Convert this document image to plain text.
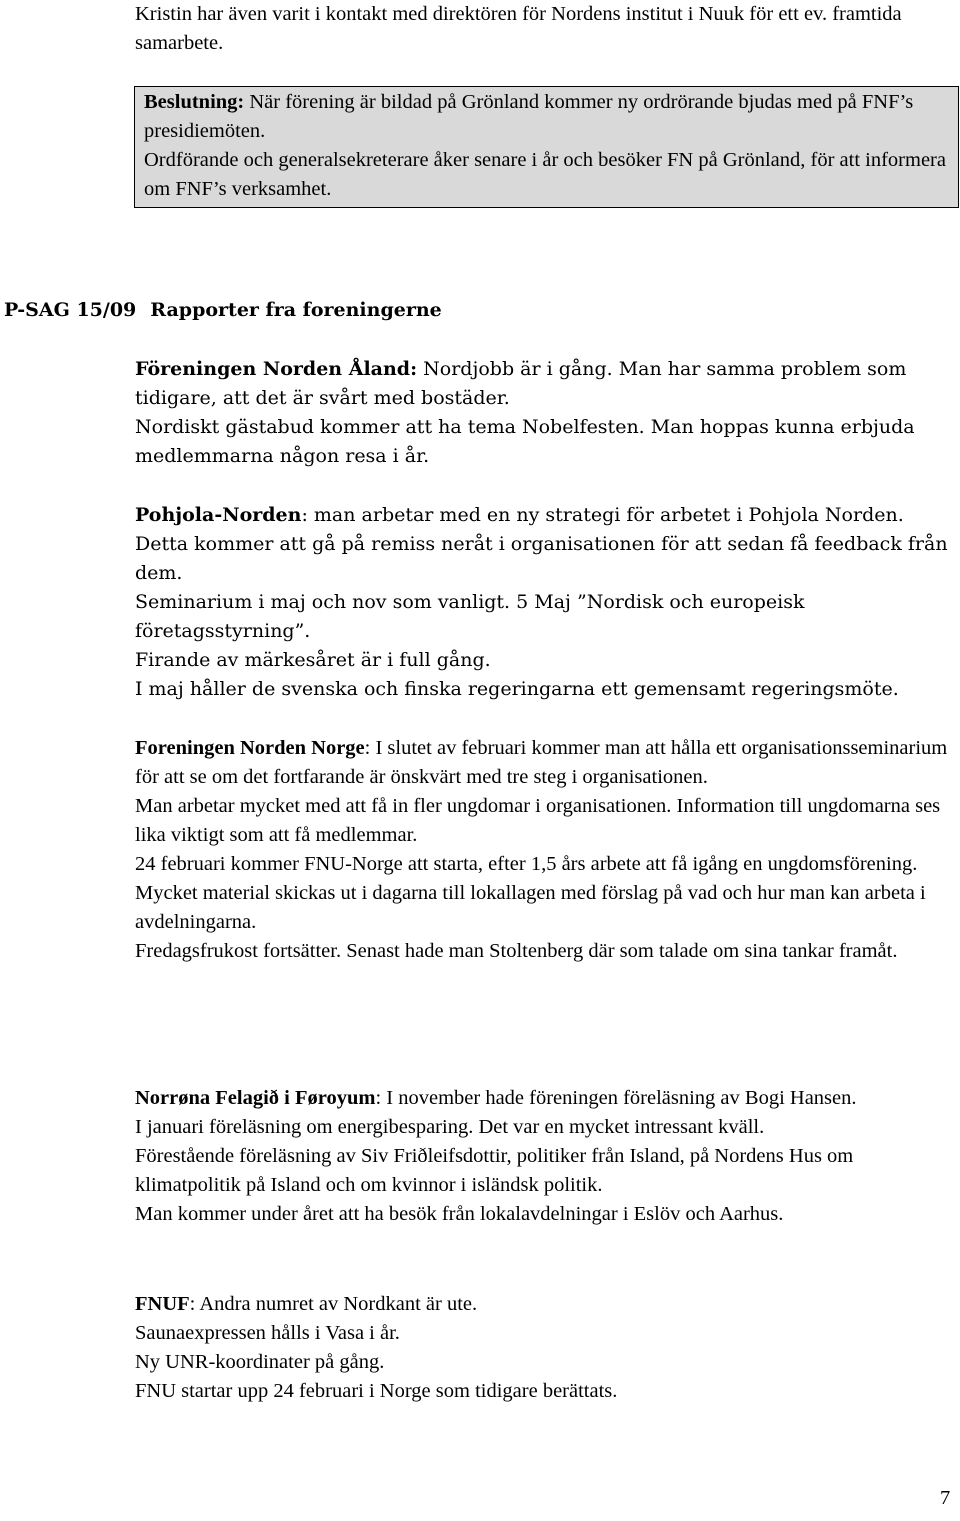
Kristin har även varit i kontakt med direktören för Nordens institut i Nuuk för ett ev. framtida samarbete.

Beslutning: När förening är bildad på Grönland kommer ny ordrörande bjudas med på FNF’s presidiemöten.

Ordförande och generalsekreterare åker senare i år och besöker FN på Grönland, för att informera om FNF’s verksamhet.

P-SAG 15/09 Rapporter fra foreningerne

Föreningen Norden Åland: Nordjobb är i gång. Man har samma problem som tidigare, att det är svårt med bostäder.

Nordiskt gästabud kommer att ha tema Nobelfesten. Man hoppas kunna erbjuda medlemmarna någon resa i år.

Pohjola-Norden: man arbetar med en ny strategi för arbetet i Pohjola Norden. Detta kommer att gå på remiss neråt i organisationen för att sedan få feedback från dem.

Seminarium i maj och nov som vanligt. 5 Maj ”Nordisk och europeisk företagsstyrning”.

Firande av märkesåret är i full gång.

I maj håller de svenska och finska regeringarna ett gemensamt regeringsmöte.

Foreningen Norden Norge: I slutet av februari kommer man att hålla ett organisationsseminarium för att se om det fortfarande är önskvärt med tre steg i organisationen.

Man arbetar mycket med att få in fler ungdomar i organisationen. Information till ungdomarna ses lika viktigt som att få medlemmar.

24 februari kommer FNU-Norge att starta, efter 1,5 års arbete att få igång en ungdomsförening.

Mycket material skickas ut i dagarna till lokallagen med förslag på vad och hur man kan arbeta i avdelningarna.

Fredagsfrukost fortsätter. Senast hade man Stoltenberg där som talade om sina tankar framåt.

Norrøna Felagið i Føroyum: I november hade föreningen föreläsning av Bogi Hansen.

I januari föreläsning om energibesparing. Det var en mycket intressant kväll.

Förestående föreläsning av Siv Friðleifsdottir, politiker från Island, på Nordens Hus om klimatpolitik på Island och om kvinnor i isländsk politik.

Man kommer under året att ha besök från lokalavdelningar i Eslöv och Aarhus.

FNUF: Andra numret av Nordkant är ute.

Saunaexpressen hålls i Vasa i år.

Ny UNR-koordinater på gång.

FNU startar upp 24 februari i Norge som tidigare berättats.

7
